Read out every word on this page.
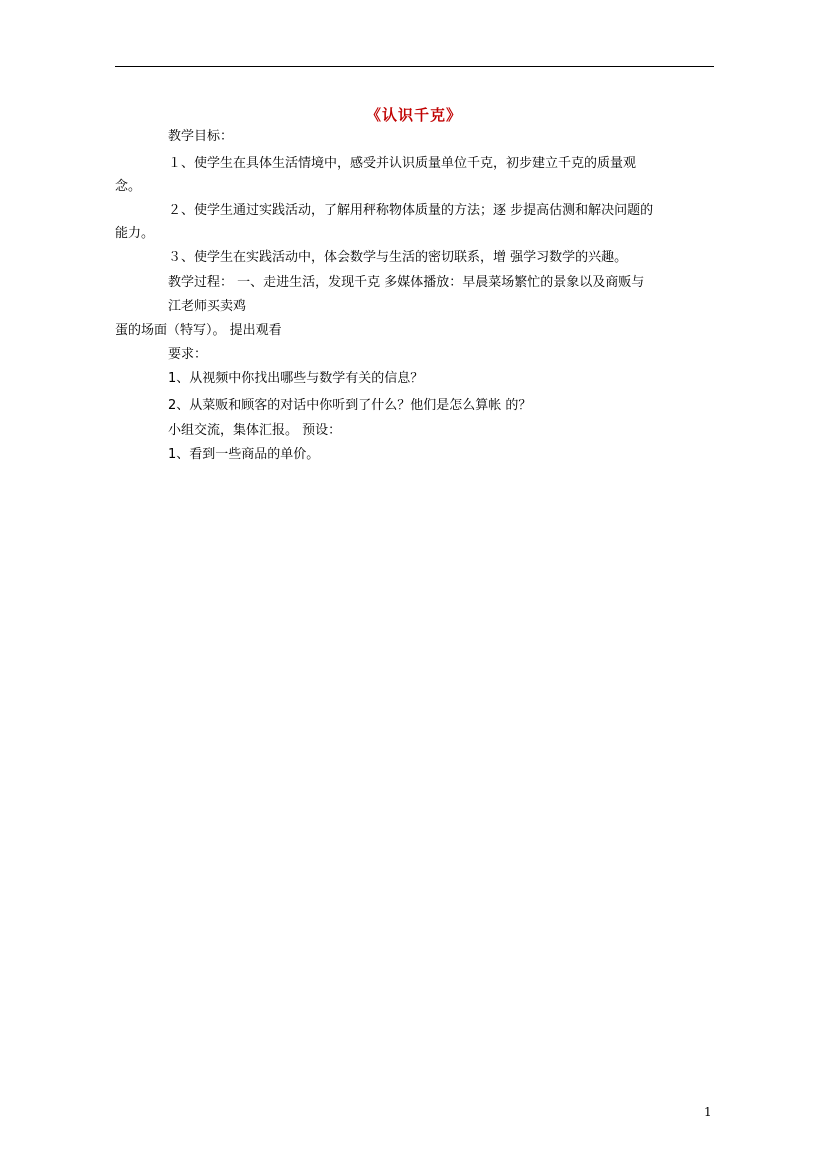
《认识千克》
教学目标：
１、使学生在具体生活情境中，感受并认识质量单位千克，初步建立千克的质量观
念。
２、使学生通过实践活动，了解用秤称物体质量的方法；逐 步提高估测和解决问题的
能力。
３、使学生在实践活动中，体会数学与生活的密切联系，增 强学习数学的兴趣。
教学过程： 一、走进生活，发现千克 多媒体播放：早晨菜场繁忙的景象以及商贩与
江老师买卖鸡
蛋的场面（特写）。 提出观看
要求：
1、从视频中你找出哪些与数学有关的信息？
2、从菜贩和顾客的对话中你听到了什么？他们是怎么算帐 的？
小组交流，集体汇报。 预设：
1、看到一些商品的单价。
1
